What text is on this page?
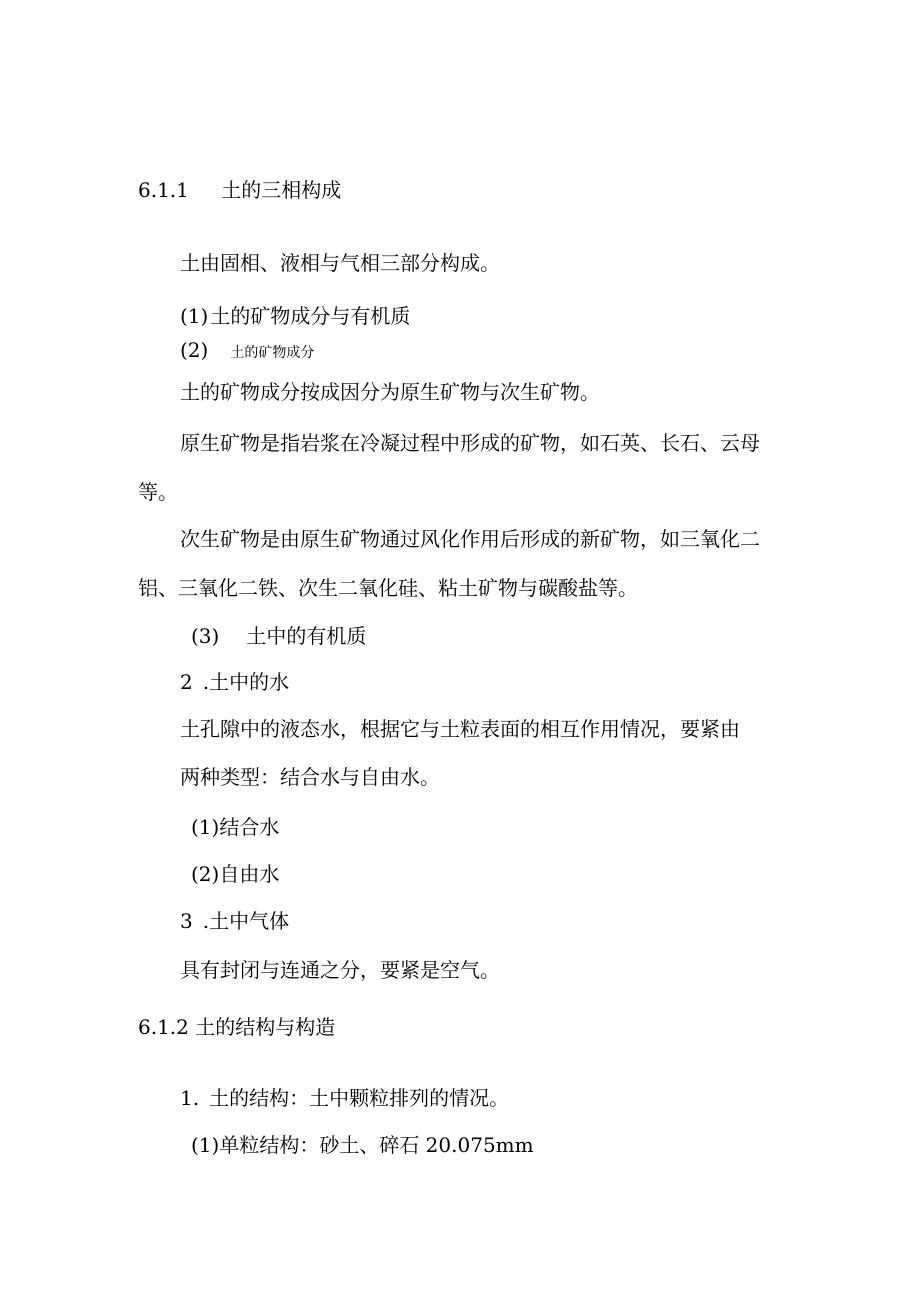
6.1.1 土的三相构成
土由固相、液相与气相三部分构成。
(1) 土的矿物成分与有机质
(2) 土的矿物成分
土的矿物成分按成因分为原生矿物与次生矿物。
原生矿物是指岩浆在冷凝过程中形成的矿物，如石英、长石、云母
等。
次生矿物是由原生矿物通过风化作用后形成的新矿物，如三氧化二
铝、三氧化二铁、次生二氧化硅、粘土矿物与碳酸盐等。
(3) 土中的有机质
2 .土中的水
土孔隙中的液态水，根据它与土粒表面的相互作用情况，要紧由
两种类型：结合水与自由水。
(1)结合水
(2)自由水
3 .土中气体
具有封闭与连通之分，要紧是空气。
6.1.2 土的结构与构造
1. 土的结构：土中颗粒排列的情况。
(1)单粒结构：砂土、碎石 20.075mm
